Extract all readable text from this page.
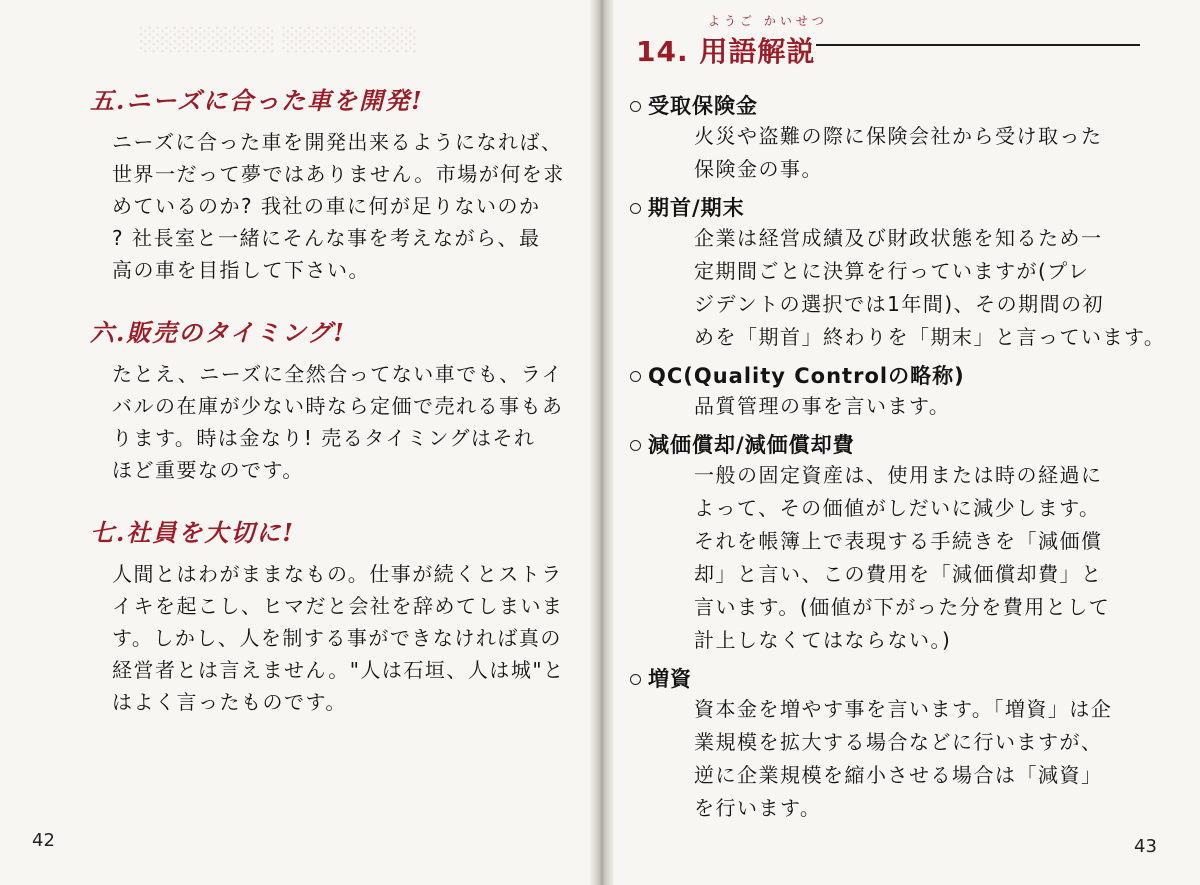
░░░░░░░░ ░░░░░░░░
五.ニーズに合った車を開発!
ニーズに合った車を開発出来るようになれば、
世界一だって夢ではありません。市場が何を求
めているのか? 我社の車に何が足りないのか
? 社長室と一緒にそんな事を考えながら、最
高の車を目指して下さい。
六.販売のタイミング!
たとえ、ニーズに全然合ってない車でも、ライ
バルの在庫が少ない時なら定価で売れる事もあ
ります。時は金なり! 売るタイミングはそれ
ほど重要なのです。
七.社員を大切に!
人間とはわがままなもの。仕事が続くとストラ
イキを起こし、ヒマだと会社を辞めてしまいま
す。しかし、人を制する事ができなければ真の
経営者とは言えません。"人は石垣、人は城"と
はよく言ったものです。
42
ようご かいせつ
14. 用語解説
受取保険金
火災や盗難の際に保険会社から受け取った
保険金の事。
期首/期末
企業は経営成績及び財政状態を知るため一
定期間ごとに決算を行っていますが(プレ
ジデントの選択では1年間)、その期間の初
めを「期首」終わりを「期末」と言っています。
QC(Quality Controlの略称)
品質管理の事を言います。
減価償却/減価償却費
一般の固定資産は、使用または時の経過に
よって、その価値がしだいに減少します。
それを帳簿上で表現する手続きを「減価償
却」と言い、この費用を「減価償却費」と
言います。(価値が下がった分を費用として
計上しなくてはならない。)
増資
資本金を増やす事を言います。「増資」は企
業規模を拡大する場合などに行いますが、
逆に企業規模を縮小させる場合は「減資」
を行います。
43
